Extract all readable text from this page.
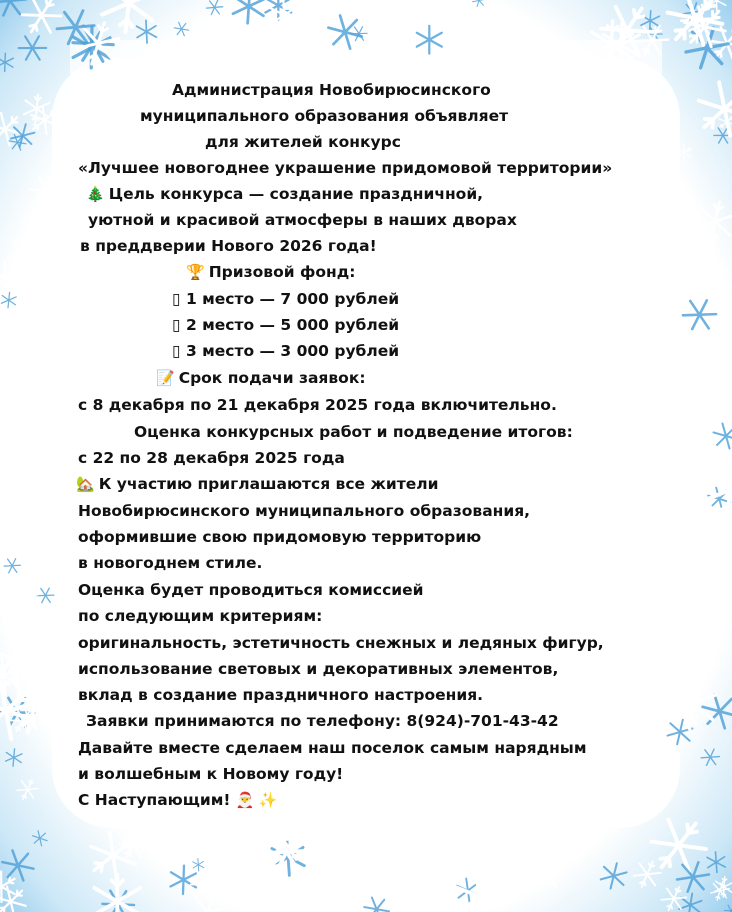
Администрация Новобирюсинского
муниципального образования объявляет
для жителей конкурс
«Лучшее новогоднее украшение придомовой территории»
🎄 Цель конкурса — создание праздничной,
уютной и красивой атмосферы в наших дворах
в преддверии Нового 2026 года!
🏆 Призовой фонд:
▯ 1 место — 7 000 рублей
▯ 2 место — 5 000 рублей
▯ 3 место — 3 000 рублей
📝 Срок подачи заявок:
с 8 декабря по 21 декабря 2025 года включительно.
Оценка конкурсных работ и подведение итогов:
с 22 по 28 декабря 2025 года
🏡 К участию приглашаются все жители
Новобирюсинского муниципального образования,
оформившие свою придомовую территорию
в новогоднем стиле.
Оценка будет проводиться комиссией
по следующим критериям:
оригинальность, эстетичность снежных и ледяных фигур,
использование световых и декоративных элементов,
вклад в создание праздничного настроения.
Заявки принимаются по телефону: 8(924)-701-43-42
Давайте вместе сделаем наш поселок самым нарядным
и волшебным к Новому году!
С Наступающим! 🎅 ✨
